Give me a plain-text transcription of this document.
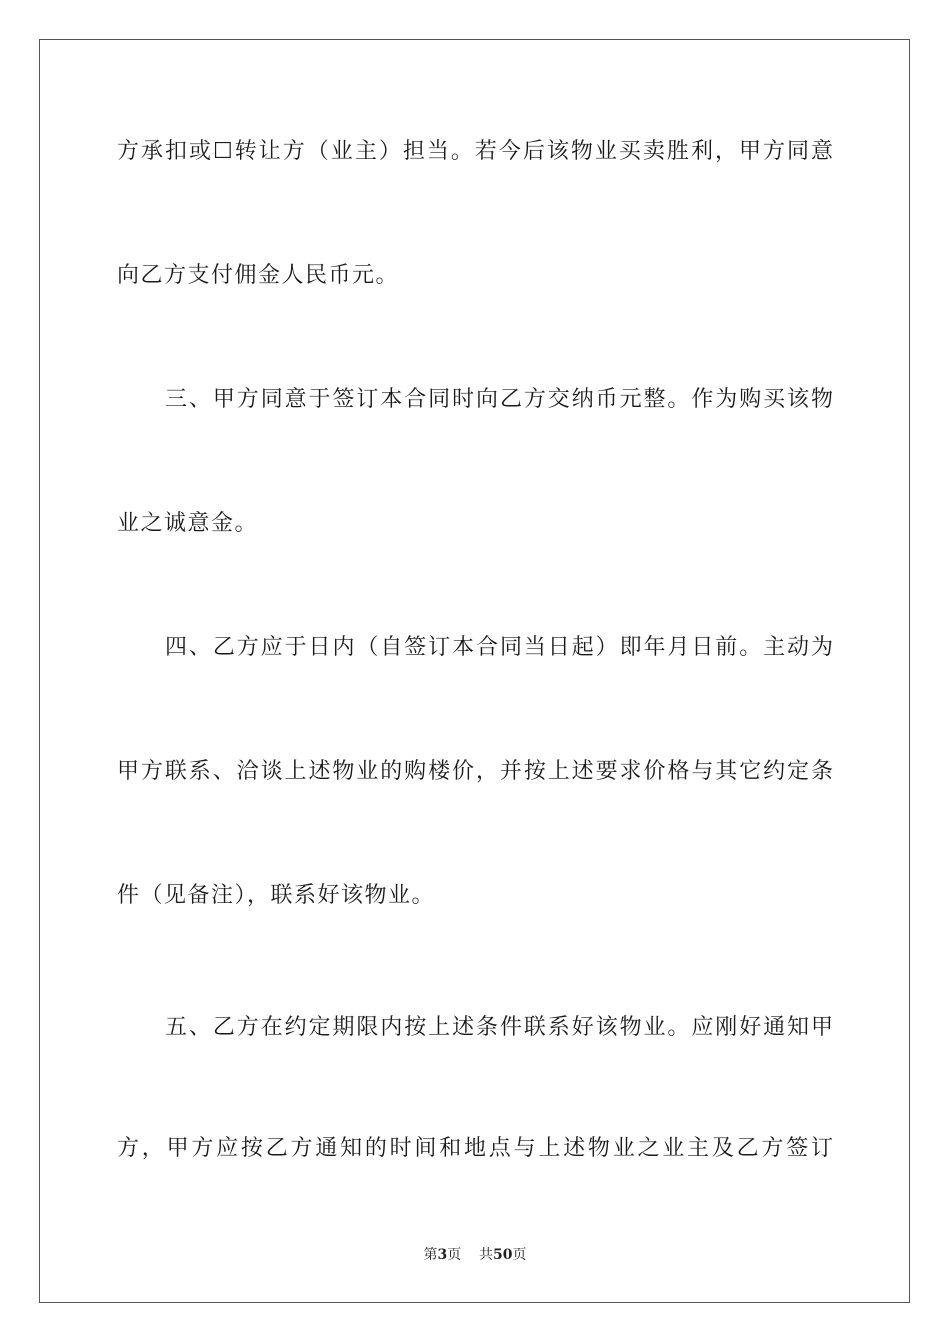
方承扣或☐转让方（业主）担当。若今后该物业买卖胜利，甲方同意
向乙方支付佣金人民币元。
三、甲方同意于签订本合同时向乙方交纳币元整。作为购买该物
业之诚意金。
四、乙方应于日内（自签订本合同当日起）即年月日前。主动为
甲方联系、洽谈上述物业的购楼价，并按上述要求价格与其它约定条
件（见备注），联系好该物业。
五、乙方在约定期限内按上述条件联系好该物业。应刚好通知甲
方，甲方应按乙方通知的时间和地点与上述物业之业主及乙方签订
第3页 共50页
